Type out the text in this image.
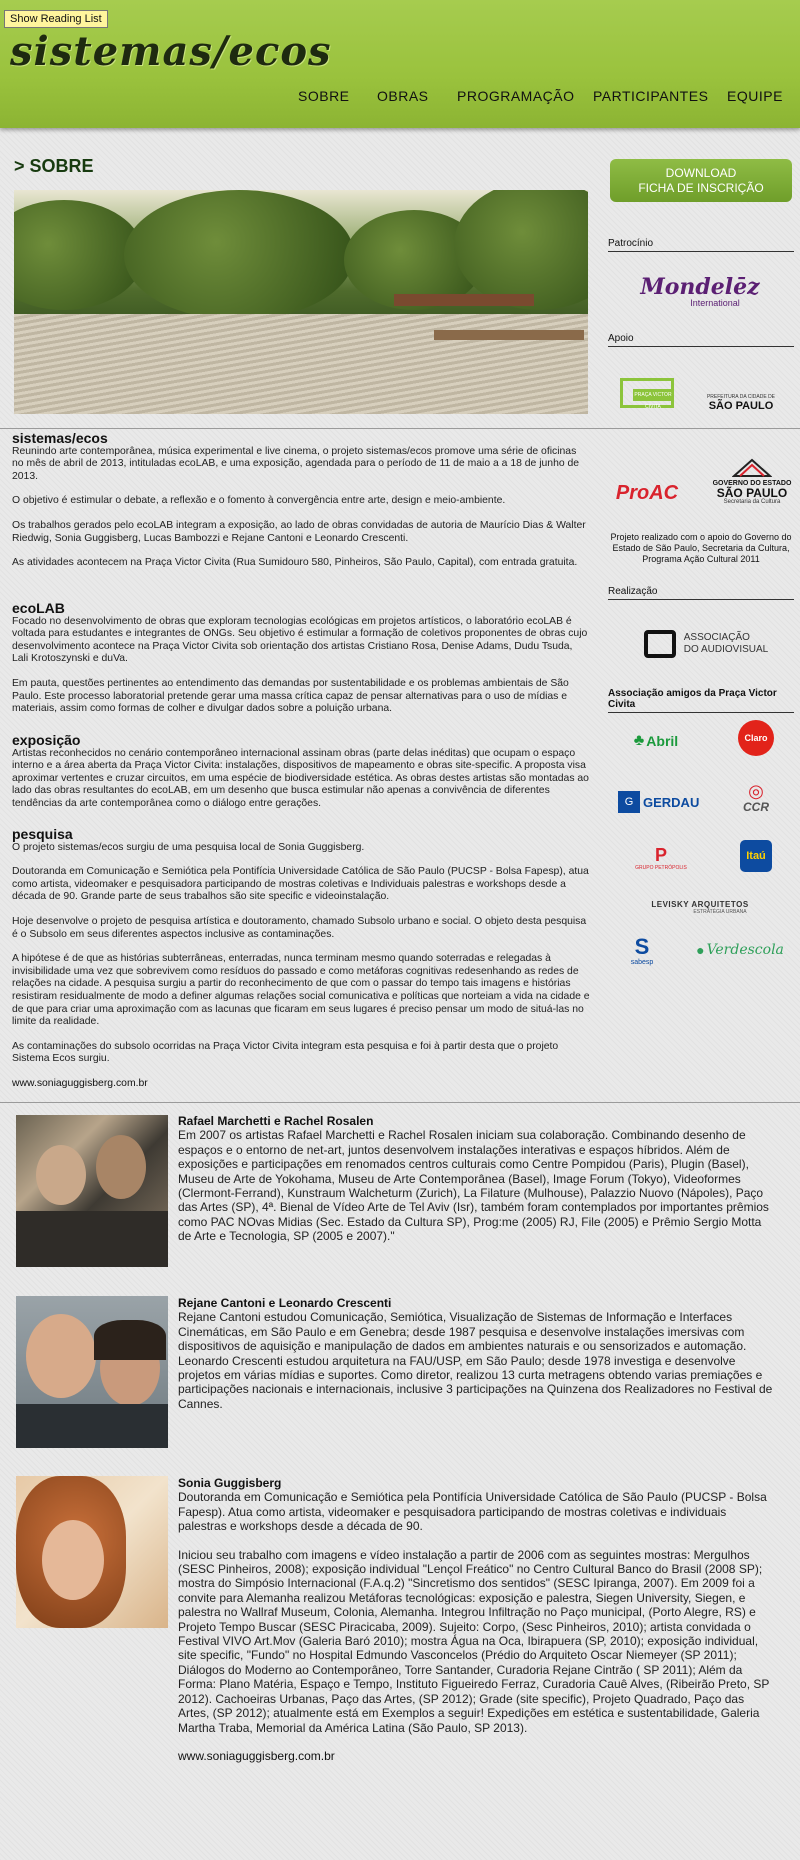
sistemas/ecos
SOBRE OBRAS PROGRAMAÇÃO PARTICIPANTES EQUIPE
Show Reading List
> SOBRE	DOWNLOAD
FICHA DE INSCRIÇÃO
Patrocínio
Mondelēz
International
Apoio
PRAÇA VICTOR CIVITA
PREFEITURA DA CIDADE DE
SÃO PAULO
ProAC	GOVERNO DO ESTADO
SÃO PAULO
Secretaria da Cultura
Projeto realizado com o apoio do Governo do Estado de São Paulo, Secretaria da Cultura, Programa Ação Cultural 2011
Realização
ASSOCIAÇÃO
DO AUDIOVISUAL
Associação amigos da Praça Victor Civita
♣ Abril	Claro
G GERDAU
◎
CCR
P
GRUPO PETRÓPOLIS
Itaú
LEVISKY ARQUITETOS
ESTRATÉGIA URBANA
S
sabesp
● Verdescola
sistemas/ecos

Reunindo arte contemporânea, música experimental e live cinema, o projeto sistemas/ecos promove uma série de oficinas no mês de abril de 2013, intituladas ecoLAB, e uma exposição, agendada para o período de 11 de maio a a 18 de junho de 2013.

O objetivo é estimular o debate, a reflexão e o fomento à convergência entre arte, design e meio-ambiente.

Os trabalhos gerados pelo ecoLAB integram a exposição, ao lado de obras convidadas de autoria de Maurício Dias & Walter Riedwig, Sonia Guggisberg, Lucas Bambozzi e Rejane Cantoni e Leonardo Crescenti.

As atividades acontecem na Praça Victor Civita (Rua Sumidouro 580, Pinheiros, São Paulo, Capital), com entrada gratuita.

ecoLAB

Focado no desenvolvimento de obras que exploram tecnologias ecológicas em projetos artísticos, o laboratório ecoLAB é voltada para estudantes e integrantes de ONGs. Seu objetivo é estimular a formação de coletivos proponentes de obras cujo desenvolvimento acontece na Praça Victor Civita sob orientação dos artistas Cristiano Rosa, Denise Adams, Dudu Tsuda, Lali Krotoszynski e duVa.

Em pauta, questões pertinentes ao entendimento das demandas por sustentabilidade e os problemas ambientais de São Paulo. Este processo laboratorial pretende gerar uma massa crítica capaz de pensar alternativas para o uso de mídias e materiais, assim como formas de colher e divulgar dados sobre a poluição urbana.

exposição

Artistas reconhecidos no cenário contemporâneo internacional assinam obras (parte delas inéditas) que ocupam o espaço interno e a área aberta da Praça Victor Civita: instalações, dispositivos de mapeamento e obras site-specific. A proposta visa aproximar vertentes e cruzar circuitos, em uma espécie de biodiversidade estética. As obras destes artistas são montadas ao lado das obras resultantes do ecoLAB, em um desenho que busca estimular não apenas a convivência de diferentes tendências da arte contemporânea como o diálogo entre gerações.

pesquisa

O projeto sistemas/ecos surgiu de uma pesquisa local de Sonia Guggisberg.

Doutoranda em Comunicação e Semiótica pela Pontifícia Universidade Católica de São Paulo (PUCSP - Bolsa Fapesp), atua como artista, videomaker e pesquisadora participando de mostras coletivas e Individuais palestras e workshops desde a década de 90. Grande parte de seus trabalhos são site specific e videoinstalação.

Hoje desenvolve o projeto de pesquisa artística e doutoramento, chamado Subsolo urbano e social. O objeto desta pesquisa é o Subsolo em seus diferentes aspectos inclusive as contaminações.

A hipótese é de que as histórias subterrâneas, enterradas, nunca terminam mesmo quando soterradas e relegadas à invisibilidade uma vez que sobrevivem como resíduos do passado e como metáforas cognitivas redesenhando as redes de relações na cidade. A pesquisa surgiu a partir do reconhecimento de que com o passar do tempo tais imagens e histórias resistiram residualmente de modo a definer algumas relações social comunicativa e políticas que norteiam a vida na cidade e de que para criar uma aproximação com as lacunas que ficaram em seus lugares é preciso pensar um modo de situá-las no limite da realidade.

As contaminações do subsolo ocorridas na Praça Victor Civita integram esta pesquisa e foi à partir desta que o projeto Sistema Ecos surgiu.

www.soniaguggisberg.com.br

Rafael Marchetti e Rachel Rosalen

Em 2007 os artistas Rafael Marchetti e Rachel Rosalen iniciam sua colaboração. Combinando desenho de espaços e o entorno de net-art, juntos desenvolvem instalações interativas e espaços híbridos. Além de exposições e participações em renomados centros culturais como Centre Pompidou (Paris), Plugin (Basel), Museu de Arte de Yokohama, Museu de Arte Contemporânea (Basel), Image Forum (Tokyo), Videoformes (Clermont-Ferrand), Kunstraum Walcheturm (Zurich), La Filature (Mulhouse), Palazzio Nuovo (Nápoles), Paço das Artes (SP), 4ª. Bienal de Vídeo Arte de Tel Aviv (Isr), também foram contemplados por importantes prêmios como PAC NOvas Midias (Sec. Estado da Cultura SP), Prog:me (2005) RJ, File (2005) e Prêmio Sergio Motta de Arte e Tecnologia, SP (2005 e 2007)."

Rejane Cantoni e Leonardo Crescenti

Rejane Cantoni estudou Comunicação, Semiótica, Visualização de Sistemas de Informação e Interfaces Cinemáticas, em São Paulo e em Genebra; desde 1987 pesquisa e desenvolve instalações imersivas com dispositivos de aquisição e manipulação de dados em ambientes naturais e ou sensorizados e automação. Leonardo Crescenti estudou arquitetura na FAU/USP, em São Paulo; desde 1978 investiga e desenvolve projetos em várias mídias e suportes. Como diretor, realizou 13 curta metragens obtendo varias premiações e participações nacionais e internacionais, inclusive 3 participações na Quinzena dos Realizadores no Festival de Cannes.

Sonia Guggisberg

Doutoranda em Comunicação e Semiótica pela Pontifícia Universidade Católica de São Paulo (PUCSP - Bolsa Fapesp). Atua como artista, videomaker e pesquisadora participando de mostras coletivas e individuais palestras e workshops desde a década de 90.

Iniciou seu trabalho com imagens e vídeo instalação a partir de 2006 com as seguintes mostras: Mergulhos (SESC Pinheiros, 2008); exposição individual "Lençol Freático" no Centro Cultural Banco do Brasil (2008 SP); mostra do Simpósio Internacional (F.A.q.2) "Sincretismo dos sentidos" (SESC Ipiranga, 2007). Em 2009 foi a convite para Alemanha realizou Metáforas tecnológicas: exposição e palestra, Siegen University, Siegen, e palestra no Wallraf Museum, Colonia, Alemanha. Integrou Infiltração no Paço municipal, (Porto Alegre, RS) e Projeto Tempo Buscar (SESC Piracicaba, 2009). Sujeito: Corpo, (Sesc Pinheiros, 2010); artista convidada o Festival VIVO Art.Mov (Galeria Baró 2010); mostra Água na Oca, Ibirapuera (SP, 2010); exposição individual, site specific, "Fundo" no Hospital Edmundo Vasconcelos (Prédio do Arquiteto Oscar Niemeyer (SP 2011); Diálogos do Moderno ao Contemporâneo, Torre Santander, Curadoria Rejane Cintrão ( SP 2011); Além da Forma: Plano Matéria, Espaço e Tempo, Instituto Figueiredo Ferraz, Curadoria Cauê Alves, (Ribeirão Preto, SP 2012). Cachoeiras Urbanas, Paço das Artes, (SP 2012); Grade (site specific), Projeto Quadrado, Paço das Artes, (SP 2012); atualmente está em Exemplos a seguir! Expedições em estética e sustentabilidade, Galeria Martha Traba, Memorial da América Latina (São Paulo, SP 2013).

www.soniaguggisberg.com.br
